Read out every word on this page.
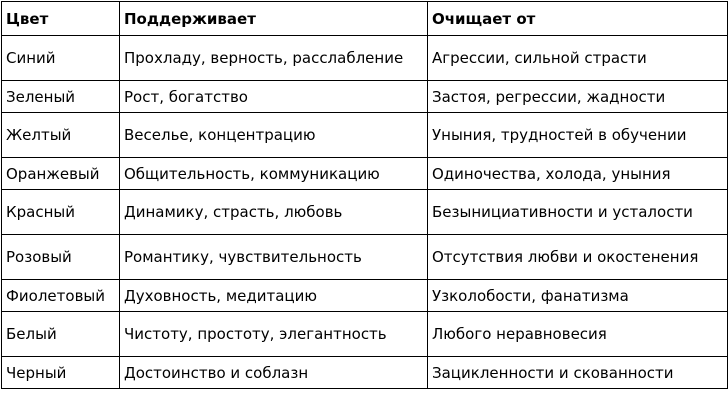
Цвет	Поддерживает	Очищает от
Синий	Прохладу, верность, расслабление	Агрессии, сильной страсти
Зеленый	Рост, богатство	Застоя, регрессии, жадности
Желтый	Веселье, концентрацию	Уныния, трудностей в обучении
Оранжевый	Общительность, коммуникацию	Одиночества, холода, уныния
Красный	Динамику, страсть, любовь	Безынициативности и усталости
Розовый	Романтику, чувствительность	Отсутствия любви и окостенения
Фиолетовый	Духовность, медитацию	Узколобости, фанатизма
Белый	Чистоту, простоту, элегантность	Любого неравновесия
Черный	Достоинство и соблазн	Зацикленности и скованности
